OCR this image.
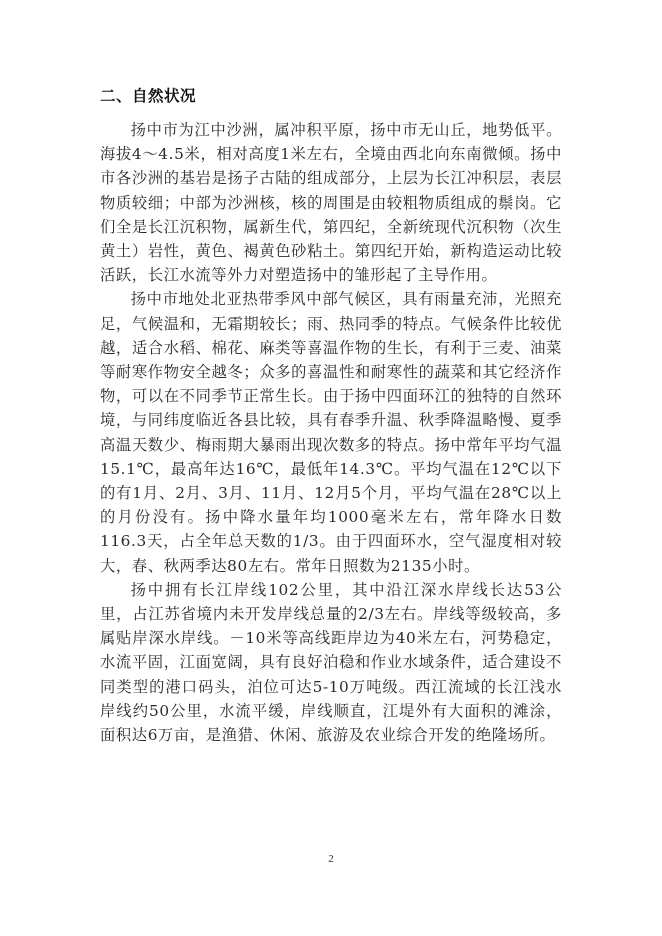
二、自然状况

扬中市为江中沙洲，属冲积平原，扬中市无山丘，地势低平。海拔4～4.5米，相对高度1米左右，全境由西北向东南微倾。扬中市各沙洲的基岩是扬子古陆的组成部分，上层为长江冲积层，表层物质较细；中部为沙洲核，核的周围是由较粗物质组成的鬃岗。它们全是长江沉积物，属新生代，第四纪，全新统现代沉积物（次生黄土）岩性，黄色、褐黄色砂粘土。第四纪开始，新构造运动比较活跃，长江水流等外力对塑造扬中的雏形起了主导作用。

扬中市地处北亚热带季风中部气候区，具有雨量充沛，光照充足，气候温和，无霜期较长；雨、热同季的特点。气候条件比较优越，适合水稻、棉花、麻类等喜温作物的生长，有利于三麦、油菜等耐寒作物安全越冬；众多的喜温性和耐寒性的蔬菜和其它经济作物，可以在不同季节正常生长。由于扬中四面环江的独特的自然环境，与同纬度临近各县比较，具有春季升温、秋季降温略慢、夏季高温天数少、梅雨期大暴雨出现次数多的特点。扬中常年平均气温15.1℃，最高年达16℃，最低年14.3℃。平均气温在12℃以下的有1月、2月、3月、11月、12月5个月，平均气温在28℃以上的月份没有。扬中降水量年均1000毫米左右，常年降水日数116.3天，占全年总天数的1/3。由于四面环水，空气湿度相对较大，春、秋两季达80左右。常年日照数为2135小时。

扬中拥有长江岸线102公里，其中沿江深水岸线长达53公里，占江苏省境内未开发岸线总量的2/3左右。岸线等级较高，多属贴岸深水岸线。－10米等高线距岸边为40米左右，河势稳定，水流平固，江面宽阔，具有良好泊稳和作业水域条件，适合建设不同类型的港口码头，泊位可达5-10万吨级。西江流域的长江浅水岸线约50公里，水流平缓，岸线顺直，江堤外有大面积的滩涂，面积达6万亩，是渔猎、休闲、旅游及农业综合开发的绝隆场所。

2
